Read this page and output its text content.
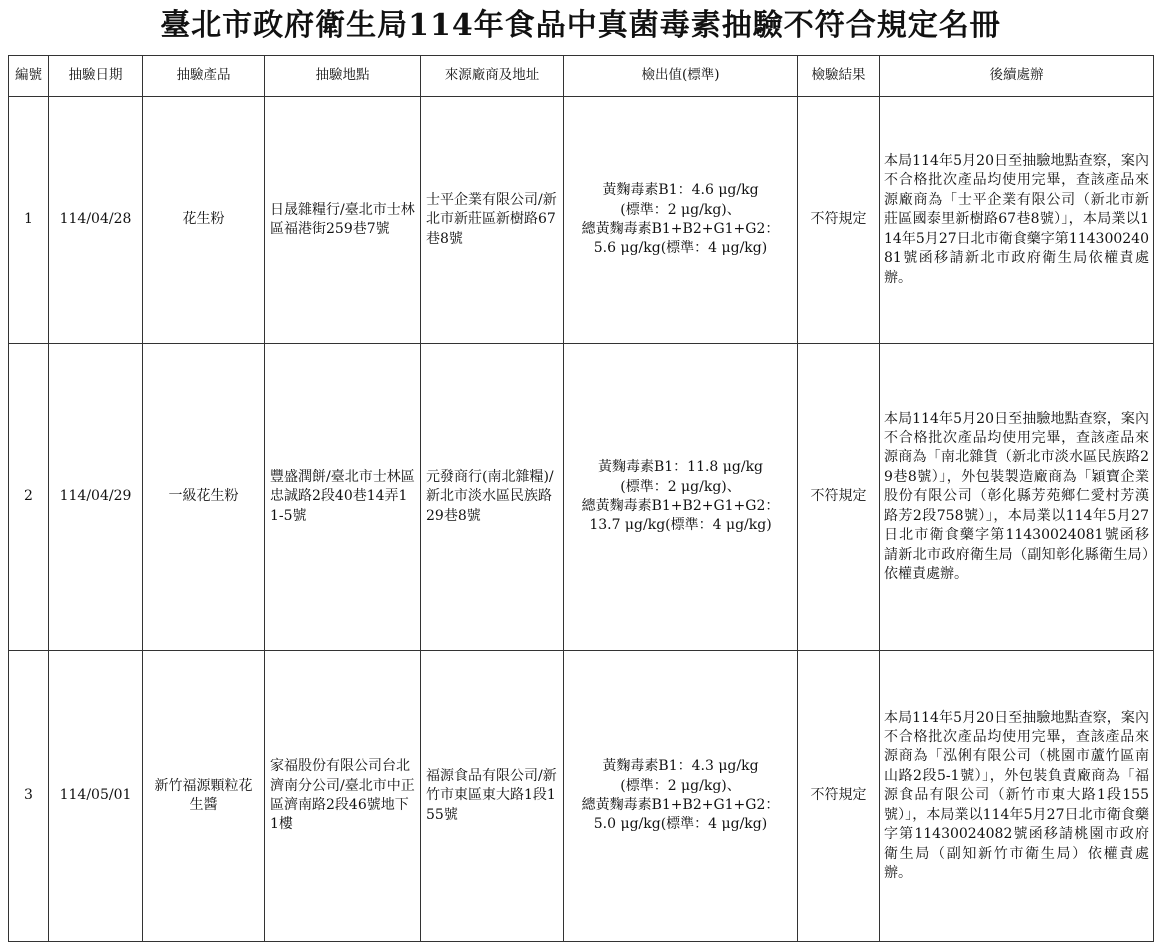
臺北市政府衛生局114年食品中真菌毒素抽驗不符合規定名冊
編號	抽驗日期	抽驗產品	抽驗地點	來源廠商及地址	檢出值(標準)	檢驗結果	後續處辦
1	114/04/28	花生粉	日晟雜糧行/臺北市士林區福港街259巷7號	士平企業有限公司/新北市新莊區新樹路67巷8號	黃麴毒素B1：4.6 μg/kg
(標準：2 μg/kg)、
總黃麴毒素B1+B2+G1+G2：
5.6 μg/kg(標準：4 μg/kg)	不符規定	本局114年5月20日至抽驗地點查察，案內不合格批次產品均使用完畢，查該產品來源廠商為「士平企業有限公司（新北市新莊區國泰里新樹路67巷8號）」，本局業以114年5月27日北市衛食藥字第11430024081號函移請新北市政府衛生局依權責處辦。
2	114/04/29	一級花生粉	豐盛潤餅/臺北市士林區忠誠路2段40巷14弄11-5號	元發商行(南北雜糧)/新北市淡水區民族路29巷8號	黃麴毒素B1：11.8 μg/kg
(標準：2 μg/kg)、
總黃麴毒素B1+B2+G1+G2：
13.7 μg/kg(標準：4 μg/kg)	不符規定	本局114年5月20日至抽驗地點查察，案內不合格批次產品均使用完畢，查該產品來源商為「南北雜貨（新北市淡水區民族路29巷8號）」，外包裝製造廠商為「穎寶企業股份有限公司（彰化縣芳苑鄉仁愛村芳漢路芳2段758號）」，本局業以114年5月27日北市衛食藥字第11430024081號函移請新北市政府衛生局（副知彰化縣衛生局）依權責處辦。
3	114/05/01	新竹福源顆粒花生醬	家福股份有限公司台北濟南分公司/臺北市中正區濟南路2段46號地下1樓	福源食品有限公司/新竹市東區東大路1段155號	黃麴毒素B1：4.3 μg/kg
(標準：2 μg/kg)、
總黃麴毒素B1+B2+G1+G2：
5.0 μg/kg(標準：4 μg/kg)	不符規定	本局114年5月20日至抽驗地點查察，案內不合格批次產品均使用完畢，查該產品來源商為「泓俐有限公司（桃園市蘆竹區南山路2段5-1號）」，外包裝負責廠商為「福源食品有限公司（新竹市東大路1段155號）」，本局業以114年5月27日北市衛食藥字第11430024082號函移請桃園市政府衛生局（副知新竹市衛生局）依權責處辦。
